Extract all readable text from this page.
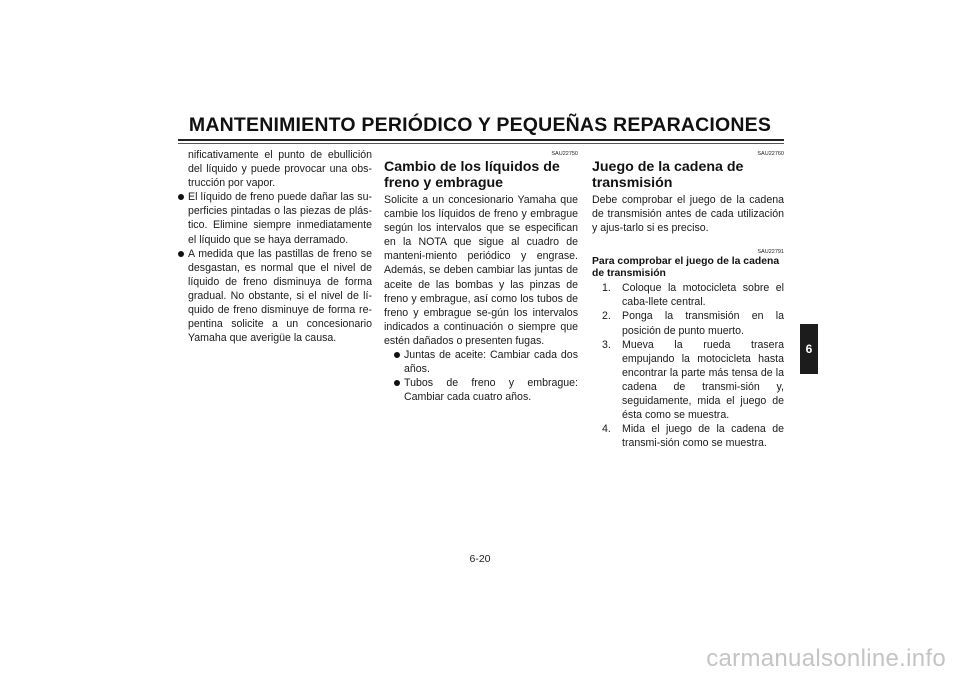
MANTENIMIENTO PERIÓDICO Y PEQUEÑAS REPARACIONES
nificativamente el punto de ebullición del líquido y puede provocar una obs-trucción por vapor.
El líquido de freno puede dañar las su-perficies pintadas o las piezas de plás-tico. Elimine siempre inmediatamente el líquido que se haya derramado.
A medida que las pastillas de freno se desgastan, es normal que el nivel de líquido de freno disminuya de forma gradual. No obstante, si el nivel de lí-quido de freno disminuye de forma re-pentina solicite a un concesionario Yamaha que averigüe la causa.
SAU22750
Cambio de los líquidos de freno y embrague
Solicite a un concesionario Yamaha que cambie los líquidos de freno y embrague según los intervalos que se especifican en la NOTA que sigue al cuadro de manteni-miento periódico y engrase. Además, se deben cambiar las juntas de aceite de las bombas y las pinzas de freno y embrague, así como los tubos de freno y embrague se-gún los intervalos indicados a continuación o siempre que estén dañados o presenten fugas.
Juntas de aceite: Cambiar cada dos años.
Tubos de freno y embrague: Cambiar cada cuatro años.
SAU22760
Juego de la cadena de transmisión
Debe comprobar el juego de la cadena de transmisión antes de cada utilización y ajus-tarlo si es preciso.
SAU22791
Para comprobar el juego de la cadena de transmisión
1. Coloque la motocicleta sobre el caba-llete central.
2. Ponga la transmisión en la posición de punto muerto.
3. Mueva la rueda trasera empujando la motocicleta hasta encontrar la parte más tensa de la cadena de transmi-sión y, seguidamente, mida el juego de ésta como se muestra.
4. Mida el juego de la cadena de transmi-sión como se muestra.
6
6-20
carmanualsonline.info
